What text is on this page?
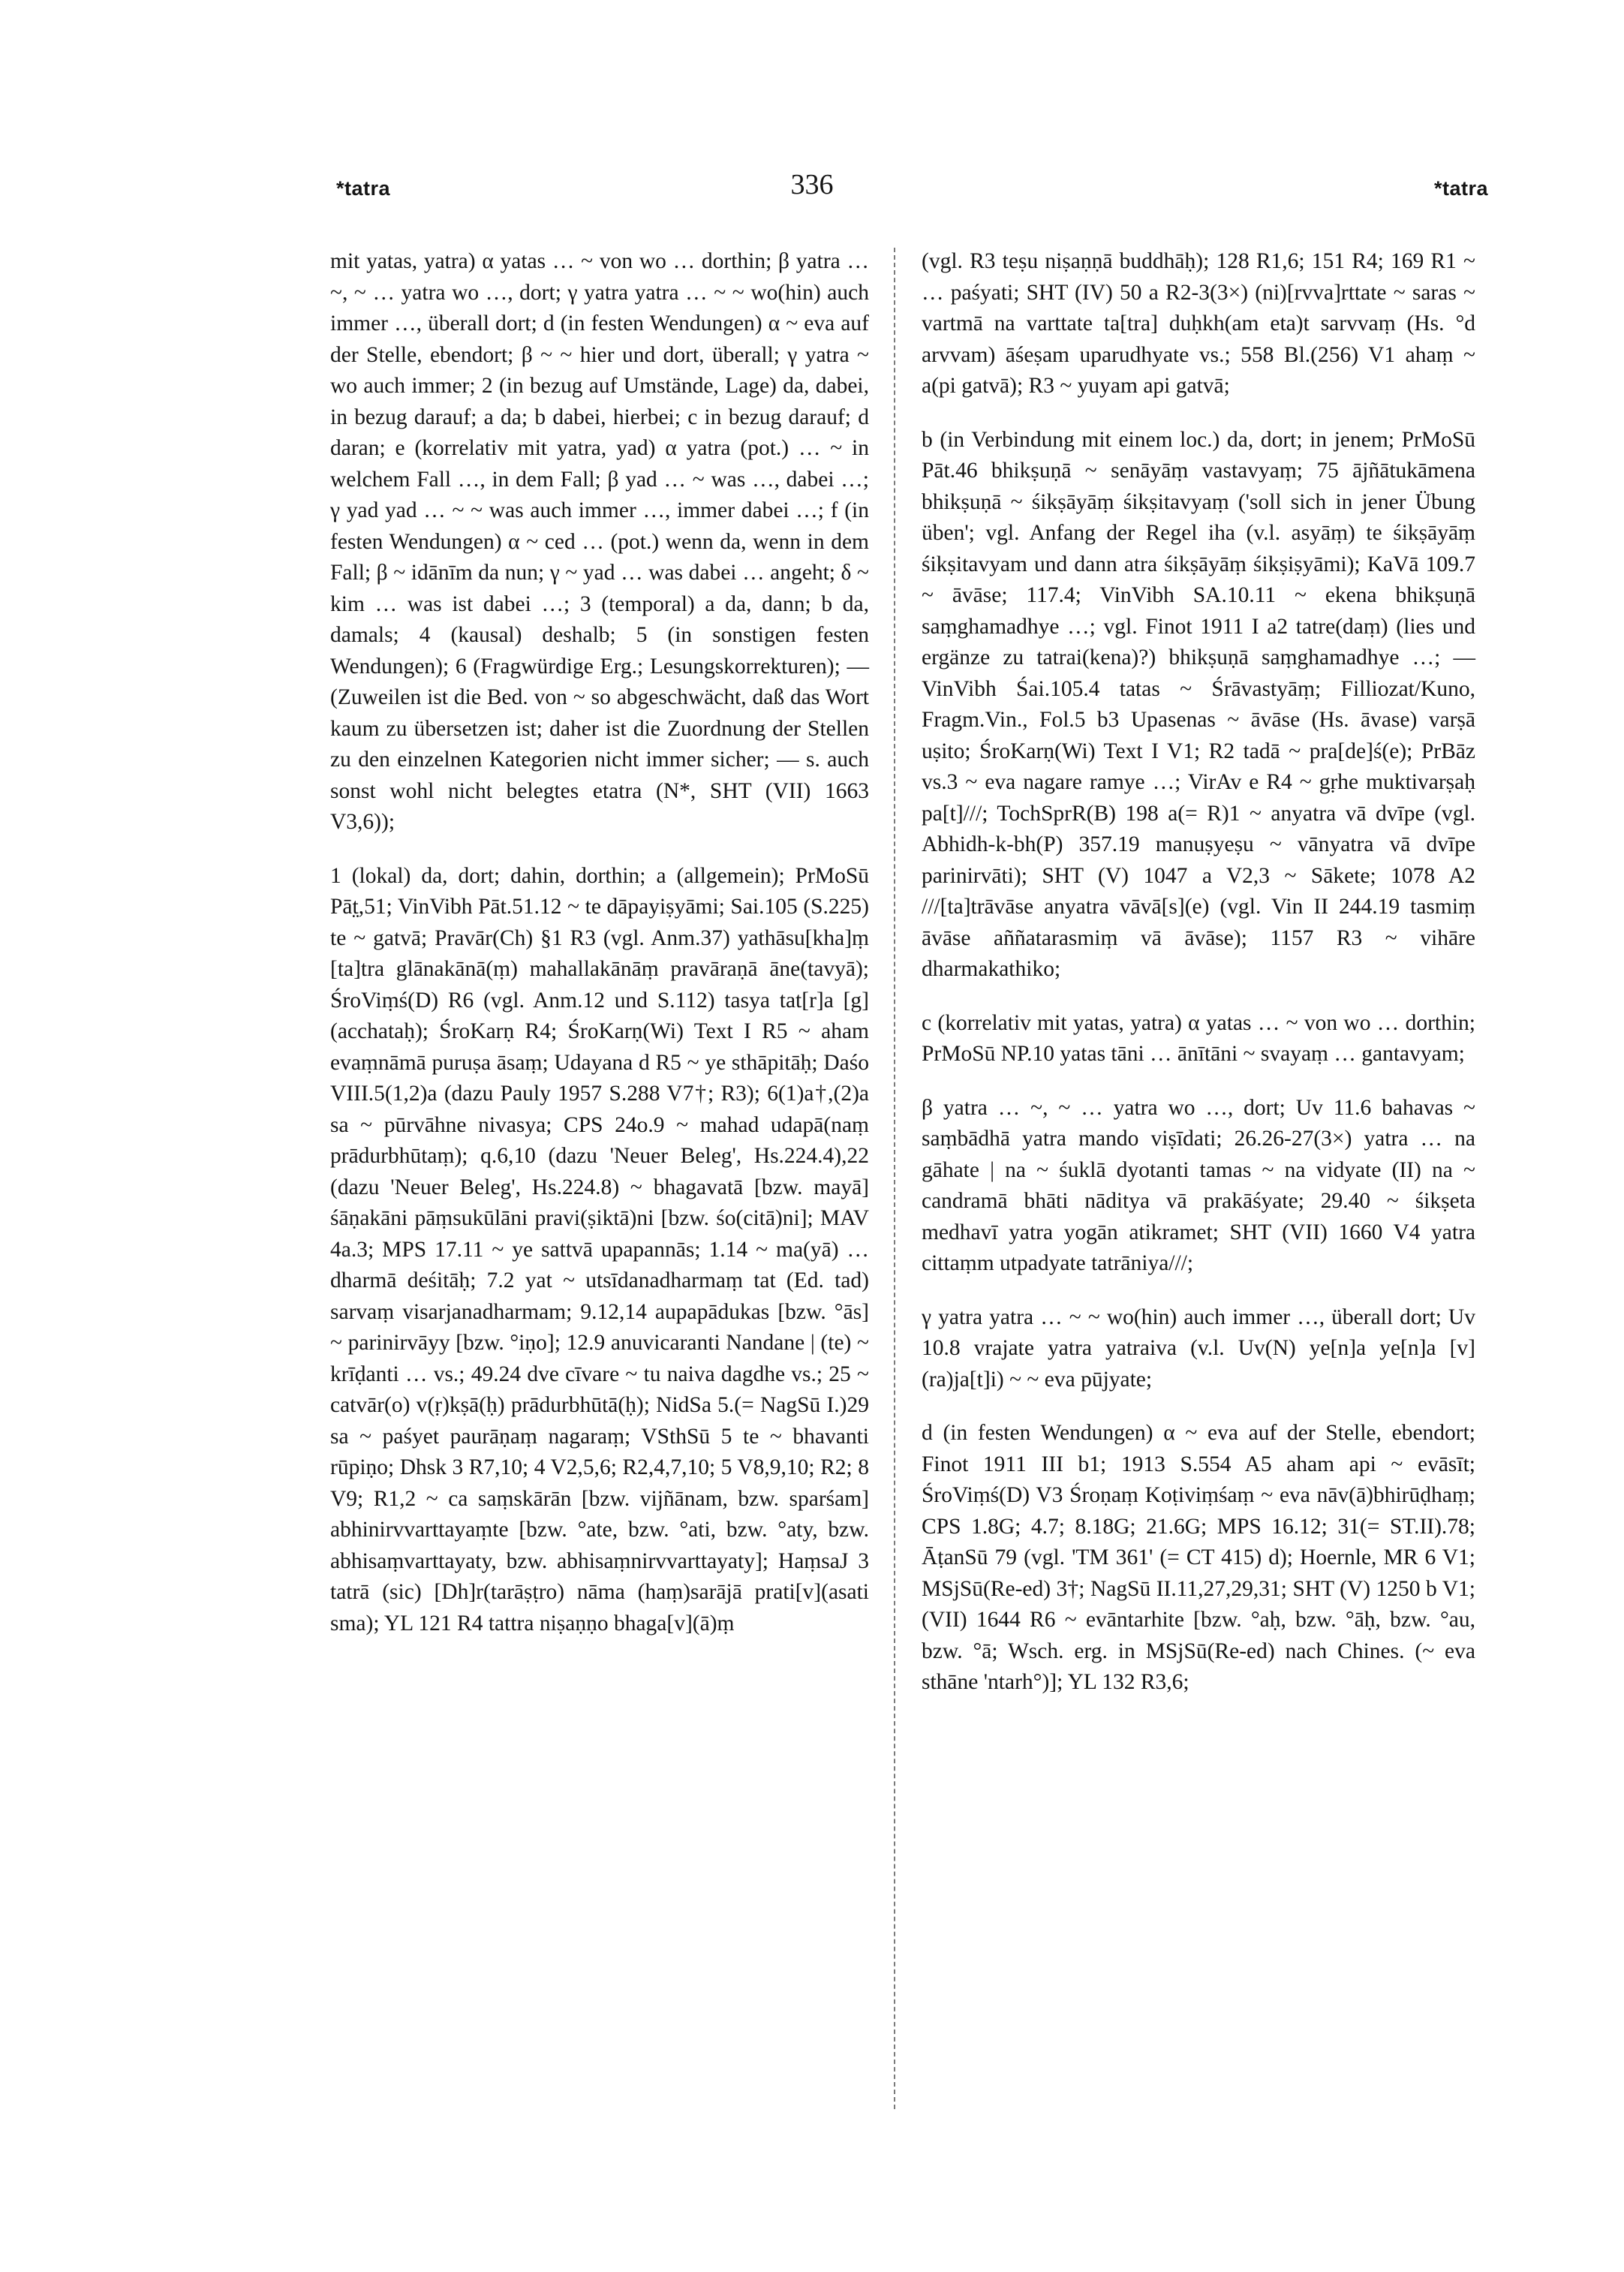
*tatra	336	*tatra

mit yatas, yatra) α yatas … ~ von wo … dorthin; β yatra … ~, ~ … yatra wo …, dort; γ yatra yatra … ~ ~ wo(hin) auch immer …, überall dort; d (in festen Wendungen) α ~ eva auf der Stelle, ebendort; β ~ ~ hier und dort, überall; γ yatra ~ wo auch immer; 2 (in bezug auf Umstände, Lage) da, dabei, in bezug darauf; a da; b dabei, hierbei; c in bezug darauf; d daran; e (korrelativ mit yatra, yad) α yatra (pot.) … ~ in welchem Fall …, in dem Fall; β yad … ~ was …, dabei …; γ yad yad … ~ ~ was auch immer …, immer dabei …; f (in festen Wendungen) α ~ ced … (pot.) wenn da, wenn in dem Fall; β ~ idānīm da nun; γ ~ yad … was dabei … angeht; δ ~ kim … was ist dabei …; 3 (temporal) a da, dann; b da, damals; 4 (kausal) deshalb; 5 (in sonstigen festen Wendungen); 6 (Fragwürdige Erg.; Lesungskorrekturen); — (Zuweilen ist die Bed. von ~ so abgeschwächt, daß das Wort kaum zu übersetzen ist; daher ist die Zuordnung der Stellen zu den einzelnen Kategorien nicht immer sicher; — s. auch sonst wohl nicht belegtes etatra (N*, SHT (VII) 1663 V3,6));

1 (lokal) da, dort; dahin, dorthin; a (allgemein); PrMoSū Pāt̤,51; VinVibh Pāt.51.12 ~ te dāpayiṣyāmi; Sai.105 (S.225) te ~ gatvā; Pravār(Ch) §1 R3 (vgl. Anm.37) yathāsu[kha]ṃ [ta]tra glānakānā(ṃ) mahallakānāṃ pravāraṇā āne(tavyā); ŚroViṃś(D) R6 (vgl. Anm.12 und S.112) tasya tat[r]a [g](acchataḥ); ŚroKarṇ R4; ŚroKarṇ(Wi) Text I R5 ~ aham evaṃnāmā puruṣa āsaṃ; Udayana d R5 ~ ye sthāpitāḥ; Daśo VIII.5(1,2)a (dazu Pauly 1957 S.288 V7†; R3); 6(1)a†,(2)a sa ~ pūrvāhne nivasya; CPS 24o.9 ~ mahad udapā(naṃ prādurbhūtaṃ); q.6,10 (dazu 'Neuer Beleg', Hs.224.4),22 (dazu 'Neuer Beleg', Hs.224.8) ~ bhagavatā [bzw. mayā] śāṇakāni pāṃsukūlāni pravi(ṣiktā)ni [bzw. śo(citā)ni]; MAV 4a.3; MPS 17.11 ~ ye sattvā upapannās; 1.14 ~ ma(yā) … dharmā deśitāḥ; 7.2 yat ~ utsīdanadharmaṃ tat (Ed. tad) sarvaṃ visarjanadharmam; 9.12,14 aupapādukas [bzw. °ās] ~ parinirvāyy [bzw. °iṇo]; 12.9 anuvicaranti Nandane | (te) ~ krīḍanti … vs.; 49.24 dve cīvare ~ tu naiva dagdhe vs.; 25 ~ catvār(o) v(ṛ)kṣā(ḥ) prādurbhūtā(ḥ); NidSa 5.(= NagSū I.)29 sa ~ paśyet paurāṇaṃ nagaraṃ; VSthSū 5 te ~ bhavanti rūpiṇo; Dhsk 3 R7,10; 4 V2,5,6; R2,4,7,10; 5 V8,9,10; R2; 8 V9; R1,2 ~ ca saṃskārān [bzw. vijñānam, bzw. sparśam] abhinirvvarttayaṃte [bzw. °ate, bzw. °ati, bzw. °aty, bzw. abhisaṃvarttayaty, bzw. abhisaṃnirvvarttayaty]; HaṃsaJ 3 tatrā (sic) [Dh]r(tarāṣṭro) nāma (haṃ)sarājā prati[v](asati sma); YL 121 R4 tattra niṣaṇṇo bhaga[v](ā)ṃ

(vgl. R3 teṣu niṣaṇṇā buddhāḥ); 128 R1,6; 151 R4; 169 R1 ~ … paśyati; SHT (IV) 50 a R2-3(3×) (ni)[rvva]rttate ~ saras ~ vartmā na varttate ta[tra] duḥkh(am eta)t sarvvaṃ (Hs. °d arvvam) āśeṣam uparudhyate vs.; 558 Bl.(256) V1 ahaṃ ~ a(pi gatvā); R3 ~ yuyam api gatvā;

b (in Verbindung mit einem loc.) da, dort; in jenem; PrMoSū Pāt.46 bhikṣuṇā ~ senāyāṃ vastavyaṃ; 75 ājñātukāmena bhikṣuṇā ~ śikṣāyāṃ śikṣitavyaṃ ('soll sich in jener Übung üben'; vgl. Anfang der Regel iha (v.l. asyāṃ) te śikṣāyāṃ śikṣitavyam und dann atra śikṣāyāṃ śikṣiṣyāmi); KaVā 109.7 ~ āvāse; 117.4; VinVibh SA.10.11 ~ ekena bhikṣuṇā saṃghamadhye …; vgl. Finot 1911 I a2 tatre(daṃ) (lies und ergänze zu tatrai(kena)?) bhikṣuṇā saṃghamadhye …; — VinVibh Śai.105.4 tatas ~ Śrāvastyāṃ; Filliozat/Kuno, Fragm.Vin., Fol.5 b3 Upasenas ~ āvāse (Hs. āvase) varṣā uṣito; ŚroKarṇ(Wi) Text I V1; R2 tadā ~ pra[de]ś(e); PrBāz vs.3 ~ eva nagare ramye …; VirAv e R4 ~ gṛhe muktivarṣaḥ pa[t]///; TochSprR(B) 198 a(= R)1 ~ anyatra vā dvīpe (vgl. Abhidh-k-bh(P) 357.19 manuṣyeṣu ~ vānyatra vā dvīpe parinirvāti); SHT (V) 1047 a V2,3 ~ Sākete; 1078 A2 ///[ta]trāvāse anyatra vāvā[s](e) (vgl. Vin II 244.19 tasmiṃ āvāse aññatarasmiṃ vā āvāse); 1157 R3 ~ vihāre dharmakathiko;

c (korrelativ mit yatas, yatra) α yatas … ~ von wo … dorthin; PrMoSū NP.10 yatas tāni … ānītāni ~ svayaṃ … gantavyam;

β yatra … ~, ~ … yatra wo …, dort; Uv 11.6 bahavas ~ saṃbādhā yatra mando viṣīdati; 26.26-27(3×) yatra … na gāhate | na ~ śuklā dyotanti tamas ~ na vidyate (II) na ~ candramā bhāti nāditya vā prakāśyate; 29.40 ~ śikṣeta medhavī yatra yogān atikramet; SHT (VII) 1660 V4 yatra cittaṃm utpadyate tatrāniya///;

γ yatra yatra … ~ ~ wo(hin) auch immer …, überall dort; Uv 10.8 vrajate yatra yatraiva (v.l. Uv(N) ye[n]a ye[n]a [v](ra)ja[t]i) ~ ~ eva pūjyate;

d (in festen Wendungen) α ~ eva auf der Stelle, ebendort; Finot 1911 III b1; 1913 S.554 A5 aham api ~ evāsīt; ŚroViṃś(D) V3 Śroṇaṃ Koṭiviṃśaṃ ~ eva nāv(ā)bhirūḍhaṃ; CPS 1.8G; 4.7; 8.18G; 21.6G; MPS 16.12; 31(= ST.II).78; ĀṭanSū 79 (vgl. 'TM 361' (= CT 415) d); Hoernle, MR 6 V1; MSjSū(Re-ed) 3†; NagSū II.11,27,29,31; SHT (V) 1250 b V1; (VII) 1644 R6 ~ evāntarhite [bzw. °aḥ, bzw. °āḥ, bzw. °au, bzw. °ā; Wsch. erg. in MSjSū(Re-ed) nach Chines. (~ eva sthāne 'ntarh°)]; YL 132 R3,6;
